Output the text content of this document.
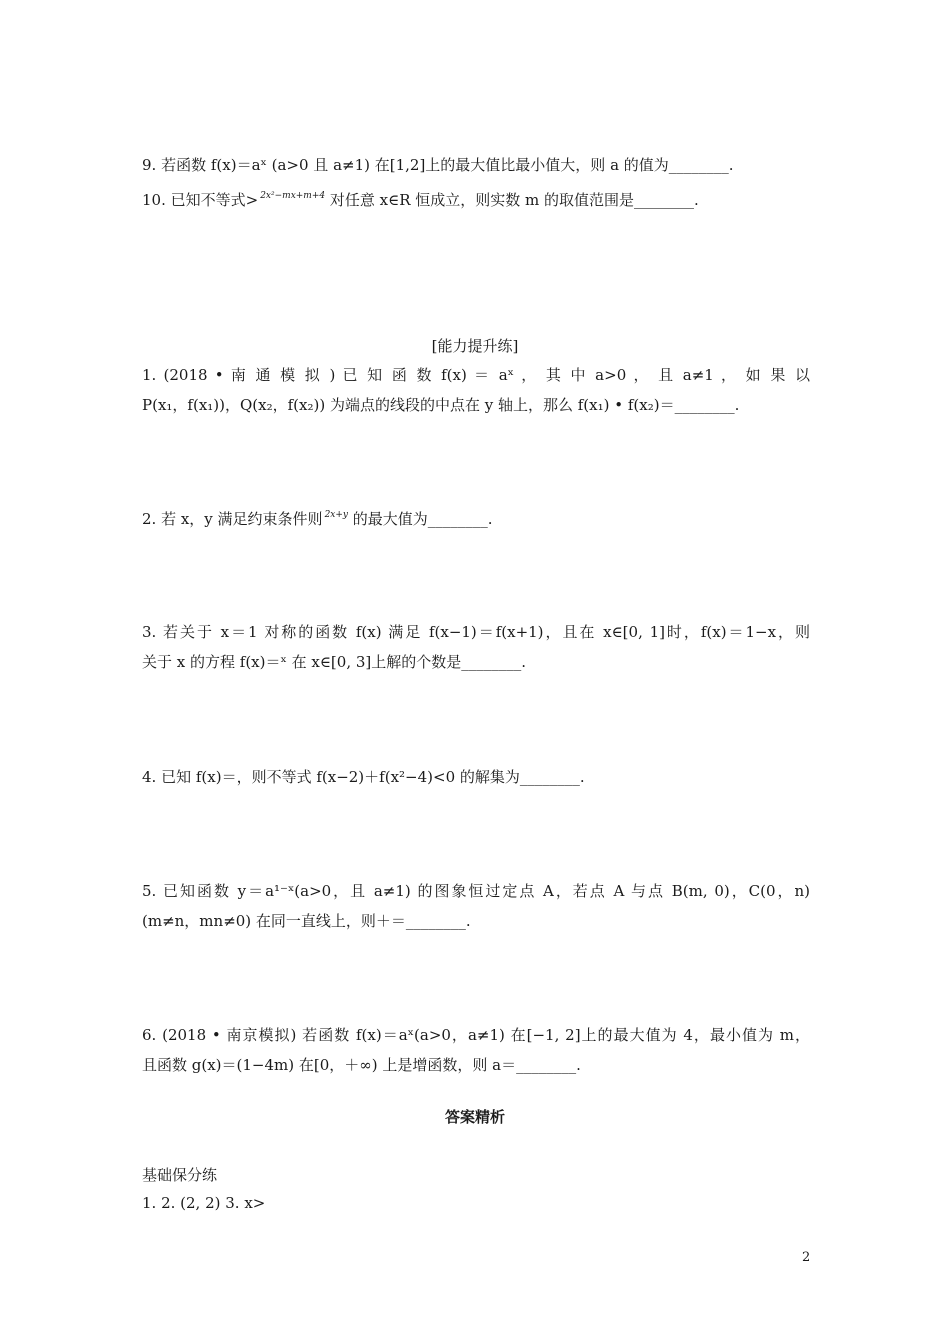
9. 若函数 f(x)＝aˣ (a>0 且 a≠1) 在[1,2]上的最大值比最小值大，则 a 的值为________.
10. 已知不等式> $^{2x^2-mx+m+4}$ 对任意 x∈R 恒成立，则实数 m 的取值范围是________.
[能力提升练]
1. (2018 • 南 通 模 拟 ) 已 知 函 数 f(x) ＝ aˣ ， 其 中 a>0 ， 且 a≠1 ， 如 果 以
P(x₁，f(x₁))，Q(x₂，f(x₂)) 为端点的线段的中点在 y 轴上，那么 f(x₁) • f(x₂)＝________.
2. 若 x，y 满足约束条件则 $^{2x+y}$ 的最大值为________.
3. 若关于 x＝1 对称的函数 f(x) 满足 f(x−1)＝f(x+1)，且在 x∈[0, 1]时，f(x)＝1−x，则
关于 x 的方程 f(x)＝ˣ 在 x∈[0, 3]上解的个数是________.
4. 已知 f(x)＝，则不等式 f(x−2)＋f(x²−4)<0 的解集为________.
5. 已知函数 y＝a¹⁻ˣ(a>0，且 a≠1) 的图象恒过定点 A，若点 A 与点 B(m, 0)，C(0，n)
(m≠n，mn≠0) 在同一直线上，则＋＝________.
6. (2018 • 南京模拟) 若函数 f(x)＝aˣ(a>0，a≠1) 在[−1, 2]上的最大值为 4，最小值为 m，
且函数 g(x)＝(1−4m) 在[0，＋∞) 上是增函数，则 a＝________.
答案精析
基础保分练
1. 2. (2, 2) 3. x>
2
